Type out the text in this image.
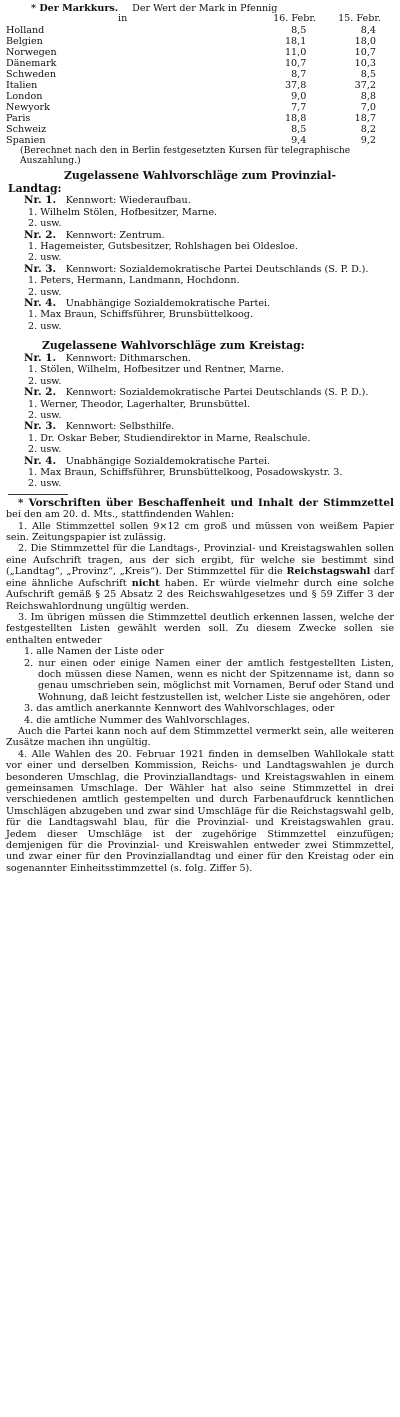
* Der Markkurs. Der Wert der Mark in Pfennig
in	16. Febr.	15. Febr.
Holland	8,5	8,4
Belgien	18,1	18,0
Norwegen	11,0	10,7
Dänemark	10,7	10,3
Schweden	8,7	8,5
Italien	37,8	37,2
London	9,0	8,8
Newyork	7,7	7,0
Paris	18,8	18,7
Schweiz	8,5	8,2
Spanien	9,4	9,2
(Berechnet nach den in Berlin festgesetzten Kursen für telegraphische Auszahlung.)
Zugelassene Wahlvorschläge zum Provinzial-
Landtag:
Nr. 1.  Kennwort: Wiederaufbau.
1. Wilhelm Stölen, Hofbesitzer, Marne.
2. usw.
Nr. 2.  Kennwort: Zentrum.
1. Hagemeister, Gutsbesitzer, Rohlshagen bei Oldesloe.
2. usw.
Nr. 3.  Kennwort: Sozialdemokratische Partei Deutschlands (S. P. D.).
1. Peters, Hermann, Landmann, Hochdonn.
2. usw.
Nr. 4.  Unabhängige Sozialdemokratische Partei.
1. Max Braun, Schiffsführer, Brunsbüttelkoog.
2. usw.
Zugelassene Wahlvorschläge zum Kreistag:
Nr. 1.  Kennwort: Dithmarschen.
1. Stölen, Wilhelm, Hofbesitzer und Rentner, Marne.
2. usw.
Nr. 2.  Kennwort: Sozialdemokratische Partei Deutschlands (S. P. D.).
1. Werner, Theodor, Lagerhalter, Brunsbüttel.
2. usw.
Nr. 3.  Kennwort: Selbsthilfe.
1. Dr. Oskar Beber, Studiendirektor in Marne, Realschule.
2. usw.
Nr. 4.  Unabhängige Sozialdemokratische Partei.
1. Max Braun, Schiffsführer, Brunsbüttelkoog, Posadowskystr. 3.
2. usw.
* Vorschriften über Beschaffenheit und Inhalt der Stimmzettel bei den am 20. d. Mts., stattfindenden Wahlen:
1. Alle Stimmzettel sollen 9×12 cm groß und müssen von weißem Papier sein. Zeitungspapier ist zulässig.
2. Die Stimmzettel für die Landtags-, Provinzial- und Kreistagswahlen sollen eine Aufschrift tragen, aus der sich ergibt, für welche sie bestimmt sind („Landtag“, „Provinz“, „Kreis“). Der Stimmzettel für die Reichstagswahl darf eine ähnliche Aufschrift nicht haben. Er würde vielmehr durch eine solche Aufschrift gemäß § 25 Absatz 2 des Reichswahlgesetzes und § 59 Ziffer 3 der Reichswahlordnung ungültig werden.
3. Im übrigen müssen die Stimmzettel deutlich erkennen lassen, welche der festgestellten Listen gewählt werden soll. Zu diesem Zwecke sollen sie enthalten entweder
1. alle Namen der Liste oder
2. nur einen oder einige Namen einer der amtlich festgestellten Listen, doch müssen diese Namen, wenn es nicht der Spitzenname ist, dann so genau umschrieben sein, möglichst mit Vornamen, Beruf oder Stand und Wohnung, daß leicht festzustellen ist, welcher Liste sie angehören, oder
3. das amtlich anerkannte Kennwort des Wahlvorschlages, oder
4. die amtliche Nummer des Wahlvorschlages.
Auch die Partei kann noch auf dem Stimmzettel vermerkt sein, alle weiteren Zusätze machen ihn ungültig.
4. Alle Wahlen des 20. Februar 1921 finden in demselben Wahllokale statt vor einer und derselben Kommission, Reichs- und Landtagswahlen je durch besonderen Umschlag, die Provinziallandtags- und Kreistagswahlen in einem gemeinsamen Umschlage. Der Wähler hat also seine Stimmzettel in drei verschiedenen amtlich gestempelten und durch Farbenaufdruck kenntlichen Umschlägen abzugeben und zwar sind Umschläge für die Reichstagswahl gelb, für die Landtagswahl blau, für die Provinzial- und Kreistagswahlen grau. Jedem dieser Umschläge ist der zugehörige Stimmzettel einzufügen; demjenigen für die Provinzial- und Kreiswahlen entweder zwei Stimmzettel, und zwar einer für den Provinziallandtag und einer für den Kreistag oder ein sogenannter Einheitsstimmzettel (s. folg. Ziffer 5).
